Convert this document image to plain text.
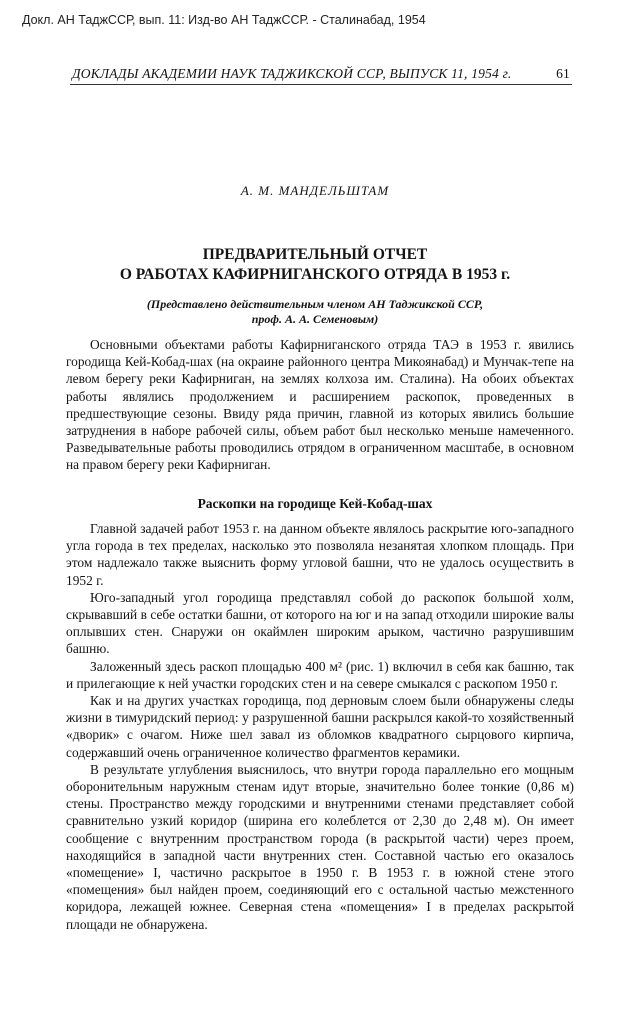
Докл. АН ТаджССР, вып. 11: Изд-во АН ТаджССР. - Сталинабад, 1954
ДОКЛАДЫ АКАДЕМИИ НАУК ТАДЖИКСКОЙ ССР, ВЫПУСК 11, 1954 г.	61
А. М. МАНДЕЛЬШТАМ
ПРЕДВАРИТЕЛЬНЫЙ ОТЧЕТ
О РАБОТАХ КАФИРНИГАНСКОГО ОТРЯДА В 1953 г.
(Представлено действительным членом АН Таджикской ССР,
проф. А. А. Семеновым)
Основными объектами работы Кафирниганского отряда ТАЭ в 1953 г. явились городища Кей-Кобад-шах (на окраине районного центра Микоянабад) и Мунчак-тепе на левом берегу реки Кафирниган, на землях колхоза им. Сталина). На обоих объектах работы являлись продолжением и расширением раскопок, проведенных в предшествующие сезоны. Ввиду ряда причин, главной из которых явились большие затруднения в наборе рабочей силы, объем работ был несколько меньше намеченного. Разведывательные работы проводились отрядом в ограниченном масштабе, в основном на правом берегу реки Кафирниган.
Раскопки на городище Кей-Кобад-шах
Главной задачей работ 1953 г. на данном объекте являлось раскрытие юго-западного угла города в тех пределах, насколько это позволяла незанятая хлопком площадь. При этом надлежало также выяснить форму угловой башни, что не удалось осуществить в 1952 г.
Юго-западный угол городища представлял собой до раскопок большой холм, скрывавший в себе остатки башни, от которого на юг и на запад отходили широкие валы оплывших стен. Снаружи он окаймлен широким арыком, частично разрушившим башню.
Заложенный здесь раскоп площадью 400 м² (рис. 1) включил в себя как башню, так и прилегающие к ней участки городских стен и на севере смыкался с раскопом 1950 г.
Как и на других участках городища, под дерновым слоем были обнаружены следы жизни в тимуридский период: у разрушенной башни раскрылся какой-то хозяйственный «дворик» с очагом. Ниже шел завал из обломков квадратного сырцового кирпича, содержавший очень ограниченное количество фрагментов керамики.
В результате углубления выяснилось, что внутри города параллельно его мощным оборонительным наружным стенам идут вторые, значительно более тонкие (0,86 м) стены. Пространство между городскими и внутренними стенами представляет собой сравнительно узкий коридор (ширина его колеблется от 2,30 до 2,48 м). Он имеет сообщение с внутренним пространством города (в раскрытой части) через проем, находящийся в западной части внутренних стен. Составной частью его оказалось «помещение» I, частично раскрытое в 1950 г. В 1953 г. в южной стене этого «помещения» был найден проем, соединяющий его с остальной частью межстенного коридора, лежащей южнее. Северная стена «помещения» I в пределах раскрытой площади не обнаружена.
